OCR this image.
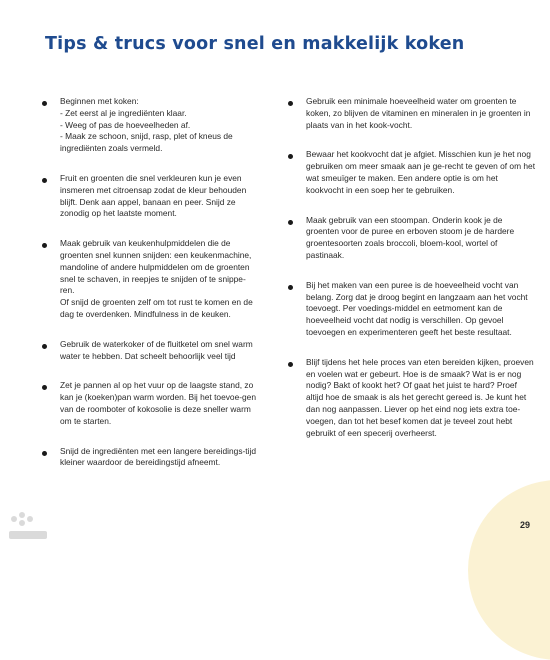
Tips & trucs voor snel en makkelijk koken
Beginnen met koken:
- Zet eerst al je ingrediënten klaar.
- Weeg of pas de hoeveelheden af.
- Maak ze schoon, snijd, rasp, plet of kneus de ingrediënten zoals vermeld.
Fruit en groenten die snel verkleuren kun je even insmeren met citroensap zodat de kleur behouden blijft. Denk aan appel, banaan en peer. Snijd ze zonodig op het laatste moment.
Maak gebruik van keukenhulpmiddelen die de groenten snel kunnen snijden: een keukenmachine, mandoline of andere hulpmiddelen om de groenten snel te schaven, in reepjes te snijden of te snippe-ren.
Of snijd de groenten zelf om tot rust te komen en de dag te overdenken. Mindfulness in de keuken.
Gebruik de waterkoker of de fluitketel om snel warm water te hebben. Dat scheelt behoorlijk veel tijd
Zet je pannen al op het vuur op de laagste stand, zo kan je (koeken)pan warm worden. Bij het toevoe-gen van de roomboter of kokosolie is deze sneller warm om te starten.
Snijd de ingrediënten met een langere bereidings-tijd kleiner waardoor de bereidingstijd afneemt.
Gebruik een minimale hoeveelheid water om groenten te koken, zo blijven de vitaminen en mineralen in je groenten in plaats van in het kook-vocht.
Bewaar het kookvocht dat je afgiet. Misschien kun je het nog gebruiken om meer smaak aan je ge-recht te geven of om het wat smeuïger te maken. Een andere optie is om het kookvocht in een soep her te gebruiken.
Maak gebruik van een stoompan. Onderin kook je de groenten voor de puree en erboven stoom je de hardere groentesoorten zoals broccoli, bloem-kool, wortel of pastinaak.
Bij het maken van een puree is de hoeveelheid vocht van belang. Zorg dat je droog begint en langzaam aan het vocht toevoegt. Per voedings-middel en eetmoment kan de hoeveelheid vocht dat nodig is verschillen. Op gevoel toevoegen en experimenteren geeft het beste resultaat.
Blijf tijdens het hele proces van eten bereiden kijken, proeven en voelen wat er gebeurt. Hoe is de smaak? Wat is er nog nodig? Bakt of kookt het? Of gaat het juist te hard? Proef altijd hoe de smaak is als het gerecht gereed is. Je kunt het dan nog aanpassen. Liever op het eind nog iets extra toe-voegen, dan tot het besef komen dat je teveel zout hebt gebruikt of een specerij overheerst.
29
